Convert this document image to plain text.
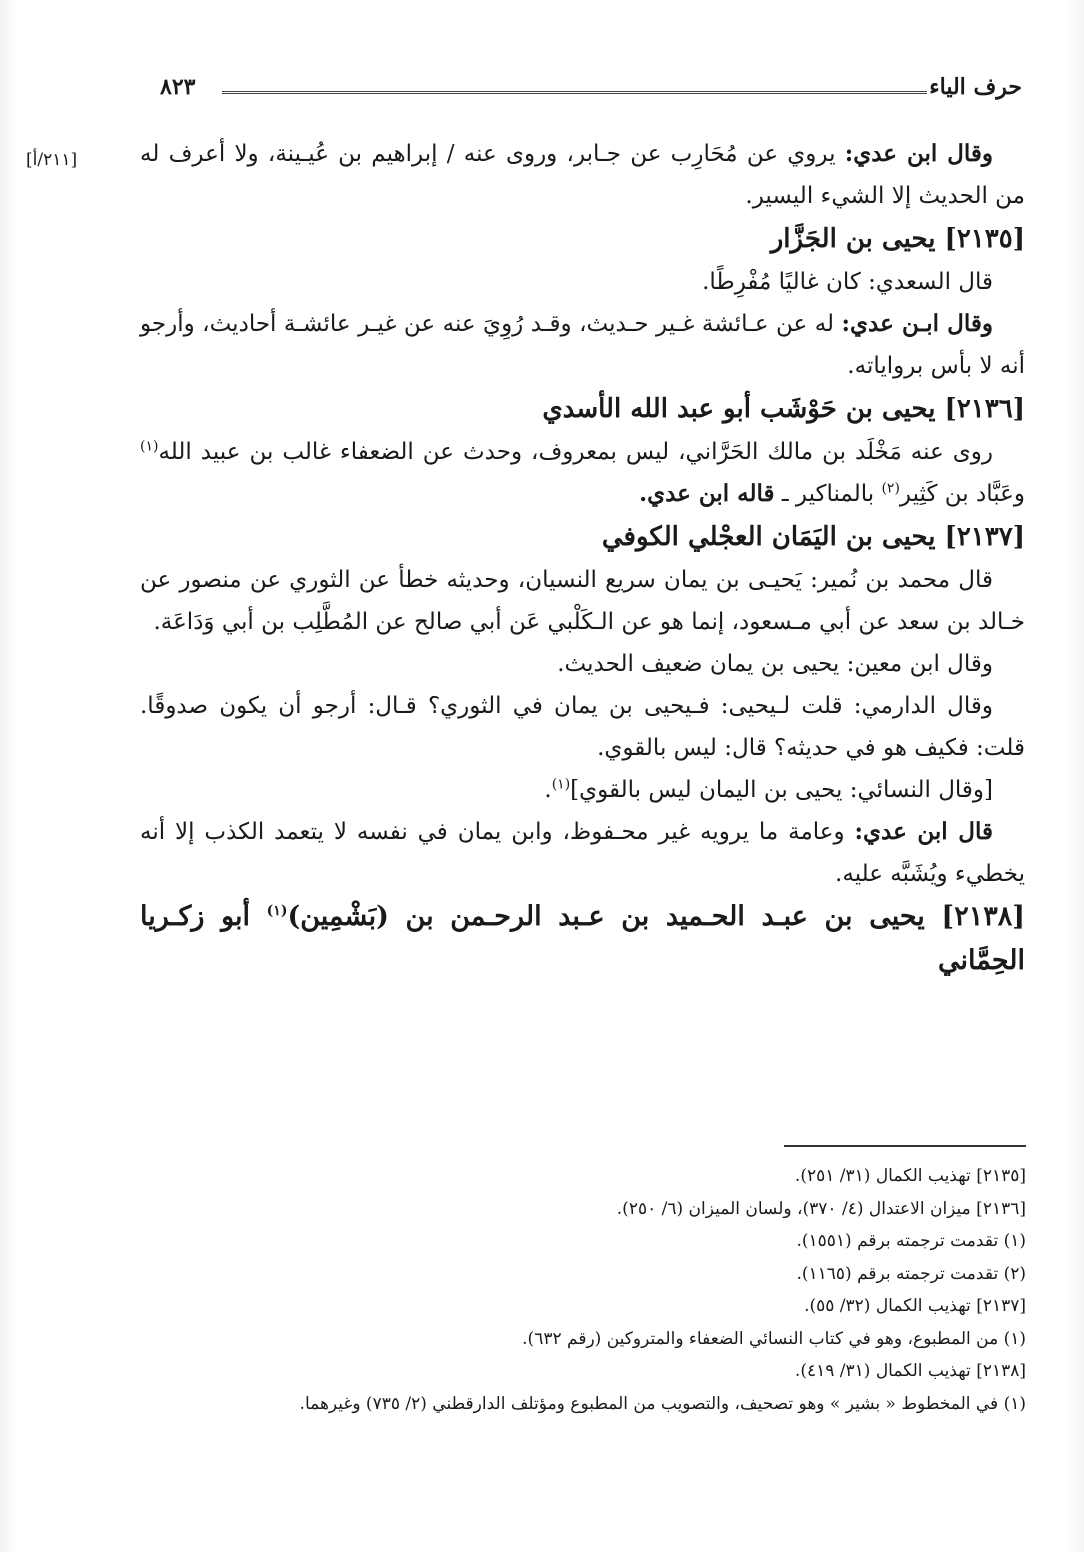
حرف الياء
٨٢٣
[٢١١/أ]	وقال ابن عدي: يروي عن مُحَارِب عن جـابر، وروى عنه / إبراهيم بن عُيـينة، ولا أعرف له من الحديث إلا الشيء اليسير.

[٢١٣٥] يحيى بن الجَزَّار

قال السعدي: كان غاليًا مُفْرِطًا.

وقال ابـن عدي: له عن عـائشة غـير حـديث، وقـد رُوِيَ عنه عن غيـر عائشـة أحاديث، وأرجو أنه لا بأس برواياته.

[٢١٣٦] يحيى بن حَوْشَب أبو عبد الله الأسدي

روى عنه مَخْلَد بن مالك الحَرَّاني، ليس بمعروف، وحدث عن الضعفاء غالب بن عبيد الله$^{(١)}$ وعَبَّاد بن كَثِير$^{(٢)}$ بالمناكير ـ قاله ابن عدي.

[٢١٣٧] يحيى بن اليَمَان العجْلي الكوفي

قال محمد بن نُمير: يَحيـى بن يمان سريع النسيان، وحديثه خطأ عن الثوري عن منصور عن خـالد بن سعد عن أبي مـسعود، إنما هو عن الـكَلْبي عَن أبي صالح عن المُطَّلِب بن أبي وَدَاعَة.

وقال ابن معين: يحيى بن يمان ضعيف الحديث.

وقال الدارمي: قلت لـيحيى: فـيحيى بن يمان في الثوري؟ قـال: أرجو أن يكون صدوقًا. قلت: فكيف هو في حديثه؟ قال: ليس بالقوي.

[وقال النسائي: يحيى بن اليمان ليس بالقوي]$^{(١)}$.

قال ابن عدي: وعامة ما يرويه غير محـفوظ، وابن يمان في نفسه لا يتعمد الكذب إلا أنه يخطيء ويُشَبَّه عليه.

[٢١٣٨] يحيى بن عبـد الحـميد بن عـبد الرحـمن بن (بَشْمِين)$^{(١)}$ أبو زكـريا الحِمَّاني
[٢١٣٥] تهذيب الكمال (٣١/ ٢٥١).
[٢١٣٦] ميزان الاعتدال (٤/ ٣٧٠)، ولسان الميزان (٦/ ٢٥٠).
(١) تقدمت ترجمته برقم (١٥٥١).
(٢) تقدمت ترجمته برقم (١١٦٥).
[٢١٣٧] تهذيب الكمال (٣٢/ ٥٥).
(١) من المطبوع، وهو في كتاب النسائي الضعفاء والمتروكين (رقم ٦٣٢).
[٢١٣٨] تهذيب الكمال (٣١/ ٤١٩).
(١) في المخطوط « بشير » وهو تصحيف، والتصويب من المطبوع ومؤتلف الدارقطني (٢/ ٧٣٥) وغيرهما.
